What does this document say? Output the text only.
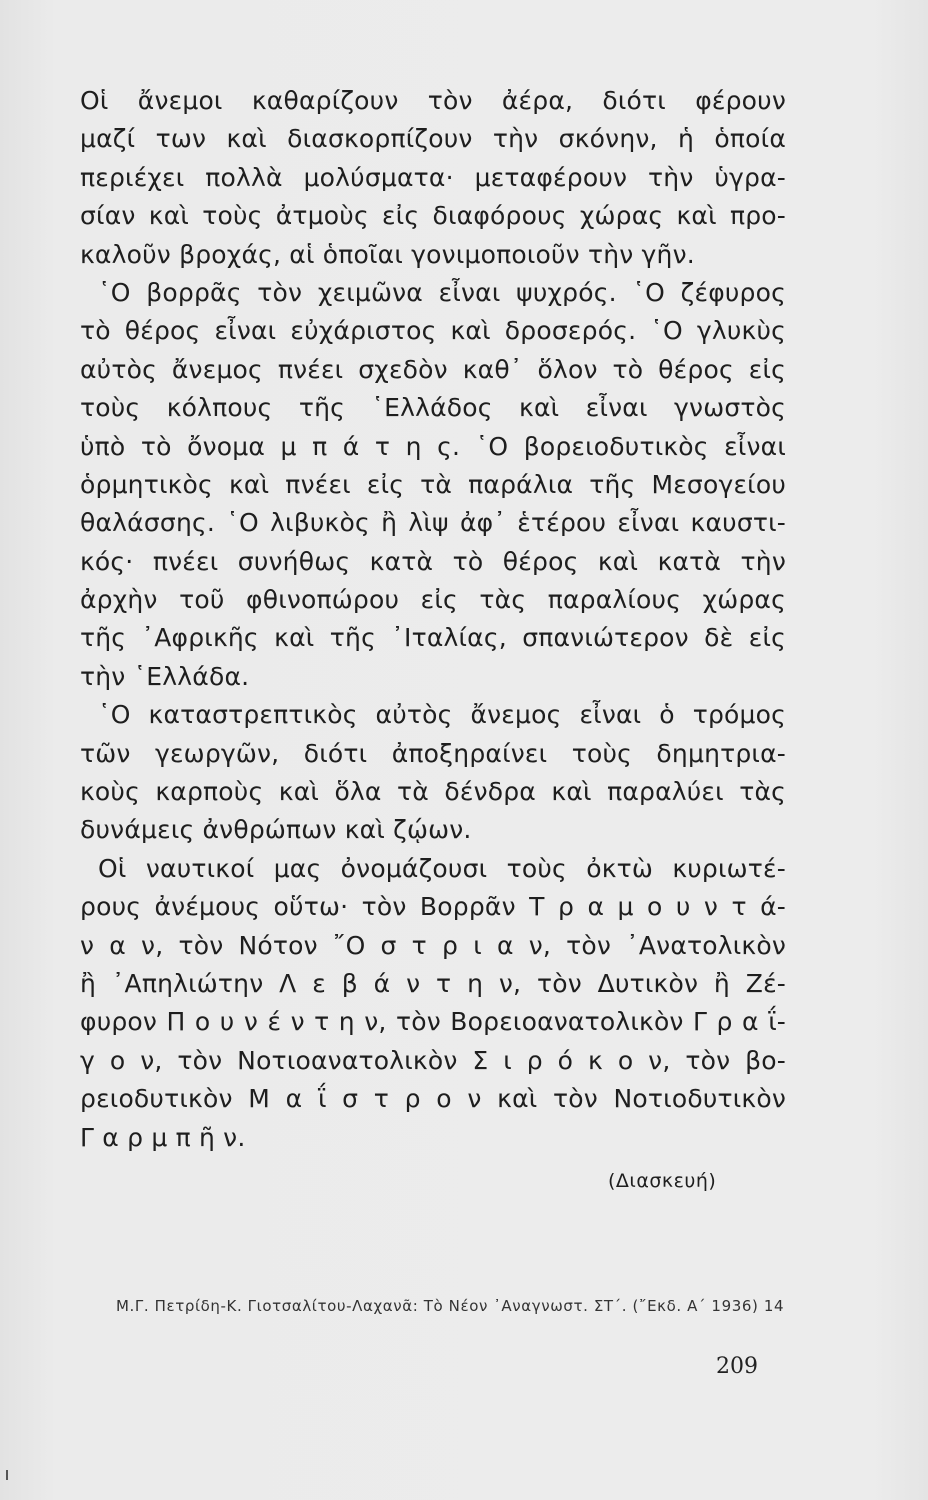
Οἱ ἄνεμοι καθαρίζουν τὸν ἀέρα, διότι φέρουν
μαζί των καὶ διασκορπίζουν τὴν σκόνην, ἡ ὁποία
περιέχει πολλὰ μολύσματα· μεταφέρουν τὴν ὑγρα-
σίαν καὶ τοὺς ἀτμοὺς εἰς διαφόρους χώρας καὶ προ-
καλοῦν βροχάς, αἱ ὁποῖαι γονιμοποιοῦν τὴν γῆν.
῾Ο βορρᾶς τὸν χειμῶνα εἶναι ψυχρός. ῾Ο ζέφυρος
τὸ θέρος εἶναι εὐχάριστος καὶ δροσερός. ῾Ο γλυκὺς
αὐτὸς ἄνεμος πνέει σχεδὸν καθ᾽ ὅλον τὸ θέρος εἰς
τοὺς κόλπους τῆς ῾Ελλάδος καὶ εἶναι γνωστὸς
ὑπὸ τὸ ὄνομα μ π ά τ η ς. ῾Ο βορειοδυτικὸς εἶναι
ὁρμητικὸς καὶ πνέει εἰς τὰ παράλια τῆς Μεσογείου
θαλάσσης. ῾Ο λιβυκὸς ἢ λὶψ ἀφ᾽ ἑτέρου εἶναι καυστι-
κός· πνέει συνήθως κατὰ τὸ θέρος καὶ κατὰ τὴν
ἀρχὴν τοῦ φθινοπώρου εἰς τὰς παραλίους χώρας
τῆς ᾽Αφρικῆς καὶ τῆς ᾽Ιταλίας, σπανιώτερον δὲ εἰς
τὴν ῾Ελλάδα.
῾Ο καταστρεπτικὸς αὐτὸς ἄνεμος εἶναι ὁ τρόμος
τῶν γεωργῶν, διότι ἀποξηραίνει τοὺς δημητρια-
κοὺς καρποὺς καὶ ὅλα τὰ δένδρα καὶ παραλύει τὰς
δυνάμεις ἀνθρώπων καὶ ζῴων.
Οἱ ναυτικοί μας ὀνομάζουσι τοὺς ὀκτὼ κυριωτέ-
ρους ἀνέμους οὕτω· τὸν Βορρᾶν Τ ρ α μ ο υ ν τ ά-
ν α ν, τὸν Νότον ῎Ο σ τ ρ ι α ν, τὸν ᾽Ανατολικὸν
ἢ ᾽Απηλιώτην Λ ε β ά ν τ η ν, τὸν Δυτικὸν ἢ Ζέ-
φυρον Π ο υ ν έ ν τ η ν, τὸν Βορειοανατολικὸν Γ ρ α ΐ-
γ ο ν, τὸν Νοτιοανατολικὸν Σ ι ρ ό κ ο ν, τὸν βο-
ρειοδυτικὸν Μ α ΐ σ τ ρ ο ν καὶ τὸν Νοτιοδυτικὸν
Γ α ρ μ π ῆ ν.
(Διασκευή)
Μ.Γ. Πετρίδη-Κ. Γιοτσαλίτου-Λαχανᾶ: Τὸ Νέον ᾽Αναγνωστ. ΣΤ΄. (῎Εκδ. Α΄ 1936) 14
209
